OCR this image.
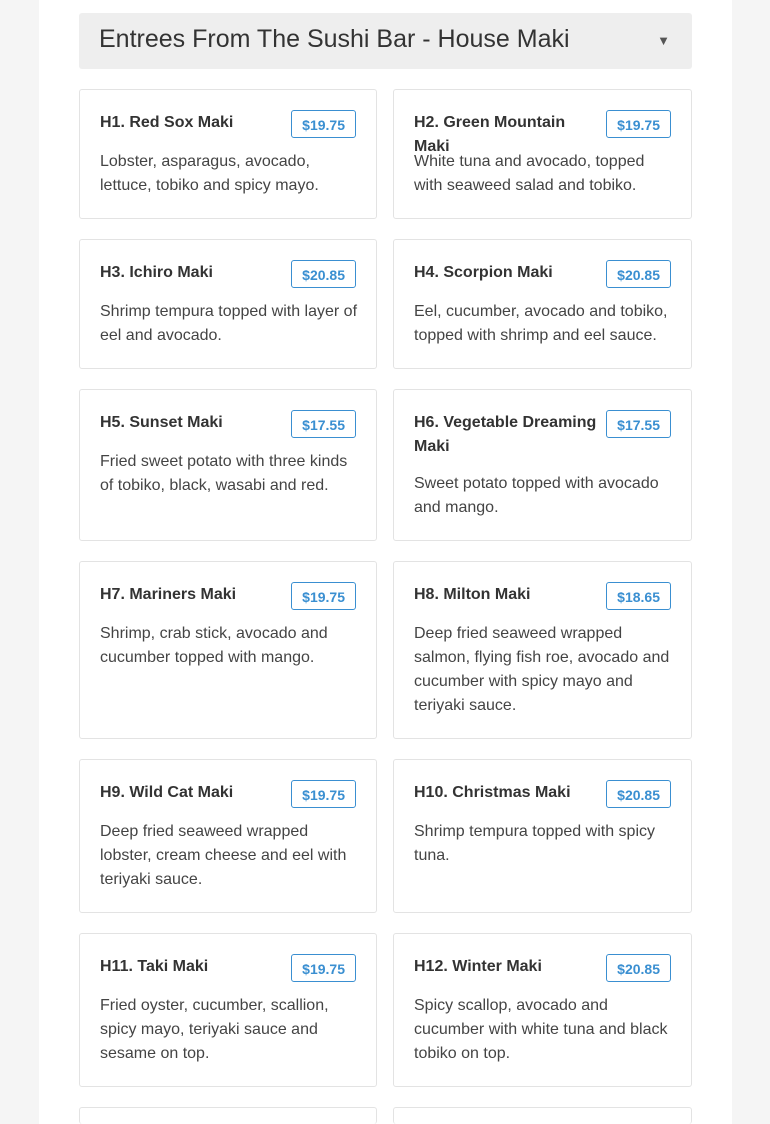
Entrees From The Sushi Bar - House Maki	▼
H1. Red Sox Maki	$19.75
Lobster, asparagus, avocado, lettuce, tobiko and spicy mayo.
H2. Green Mountain Maki
$19.75
White tuna and avocado, topped with seaweed salad and tobiko.
H3. Ichiro Maki	$20.85
Shrimp tempura topped with layer of eel and avocado.
H4. Scorpion Maki	$20.85
Eel, cucumber, avocado and tobiko, topped with shrimp and eel sauce.
H5. Sunset Maki	$17.55
Fried sweet potato with three kinds of tobiko, black, wasabi and red.
H6. Vegetable Dreaming Maki
$17.55
Sweet potato topped with avocado and mango.
H7. Mariners Maki	$19.75
Shrimp, crab stick, avocado and cucumber topped with mango.
H8. Milton Maki	$18.65
Deep fried seaweed wrapped salmon, flying fish roe, avocado and cucumber with spicy mayo and teriyaki sauce.
H9. Wild Cat Maki	$19.75
Deep fried seaweed wrapped lobster, cream cheese and eel with teriyaki sauce.
H10. Christmas Maki	$20.85
Shrimp tempura topped with spicy tuna.
H11. Taki Maki	$19.75
Fried oyster, cucumber, scallion, spicy mayo, teriyaki sauce and sesame on top.
H12. Winter Maki	$20.85
Spicy scallop, avocado and cucumber with white tuna and black tobiko on top.
